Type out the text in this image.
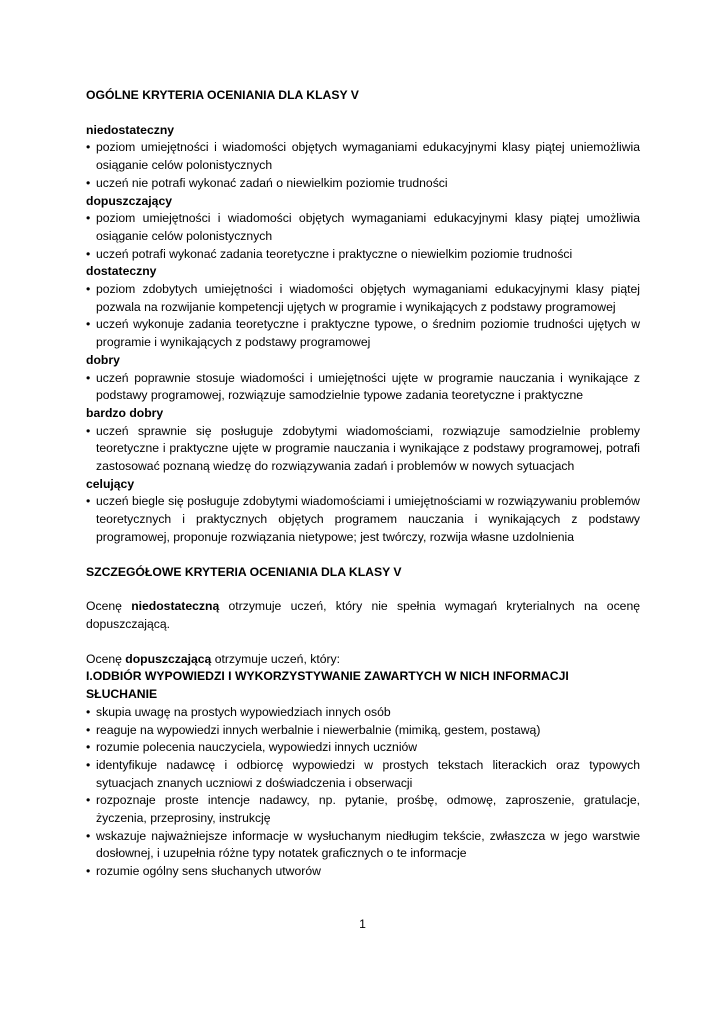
OGÓLNE KRYTERIA OCENIANIA DLA KLASY V
niedostateczny
• poziom umiejętności i wiadomości objętych wymaganiami edukacyjnymi klasy piątej uniemożliwia osiąganie celów polonistycznych
• uczeń nie potrafi wykonać zadań o niewielkim poziomie trudności
dopuszczający
• poziom umiejętności i wiadomości objętych wymaganiami edukacyjnymi klasy piątej umożliwia osiąganie celów polonistycznych
• uczeń potrafi wykonać zadania teoretyczne i praktyczne o niewielkim poziomie trudności
dostateczny
• poziom zdobytych umiejętności i wiadomości objętych wymaganiami edukacyjnymi klasy piątej pozwala na rozwijanie kompetencji ujętych w programie i wynikających z podstawy programowej
• uczeń wykonuje zadania teoretyczne i praktyczne typowe, o średnim poziomie trudności ujętych w programie i wynikających z podstawy programowej
dobry
• uczeń poprawnie stosuje wiadomości i umiejętności ujęte w programie nauczania i wynikające z podstawy programowej, rozwiązuje samodzielnie typowe zadania teoretyczne i praktyczne
bardzo dobry
• uczeń sprawnie się posługuje zdobytymi wiadomościami, rozwiązuje samodzielnie problemy teoretyczne i praktyczne ujęte w programie nauczania i wynikające z podstawy programowej, potrafi zastosować poznaną wiedzę do rozwiązywania zadań i problemów w nowych sytuacjach
celujący
• uczeń biegle się posługuje zdobytymi wiadomościami i umiejętnościami w rozwiązywaniu problemów teoretycznych i praktycznych objętych programem nauczania i wynikających z podstawy programowej, proponuje rozwiązania nietypowe; jest twórczy, rozwija własne uzdolnienia
SZCZEGÓŁOWE KRYTERIA OCENIANIA DLA KLASY V

Ocenę niedostateczną otrzymuje uczeń, który nie spełnia wymagań kryterialnych na ocenę dopuszczającą.

Ocenę dopuszczającą otrzymuje uczeń, który:

I.ODBIÓR WYPOWIEDZI I WYKORZYSTYWANIE ZAWARTYCH W NICH INFORMACJI
SŁUCHANIE
• skupia uwagę na prostych wypowiedziach innych osób
• reaguje na wypowiedzi innych werbalnie i niewerbalnie (mimiką, gestem, postawą)
• rozumie polecenia nauczyciela, wypowiedzi innych uczniów
• identyfikuje nadawcę i odbiorcę wypowiedzi w prostych tekstach literackich oraz typowych sytuacjach znanych uczniowi z doświadczenia i obserwacji
• rozpoznaje proste intencje nadawcy, np. pytanie, prośbę, odmowę, zaproszenie, gratulacje, życzenia, przeprosiny, instrukcję
• wskazuje najważniejsze informacje w wysłuchanym niedługim tekście, zwłaszcza w jego warstwie dosłownej, i uzupełnia różne typy notatek graficznych o te informacje
• rozumie ogólny sens słuchanych utworów
1
